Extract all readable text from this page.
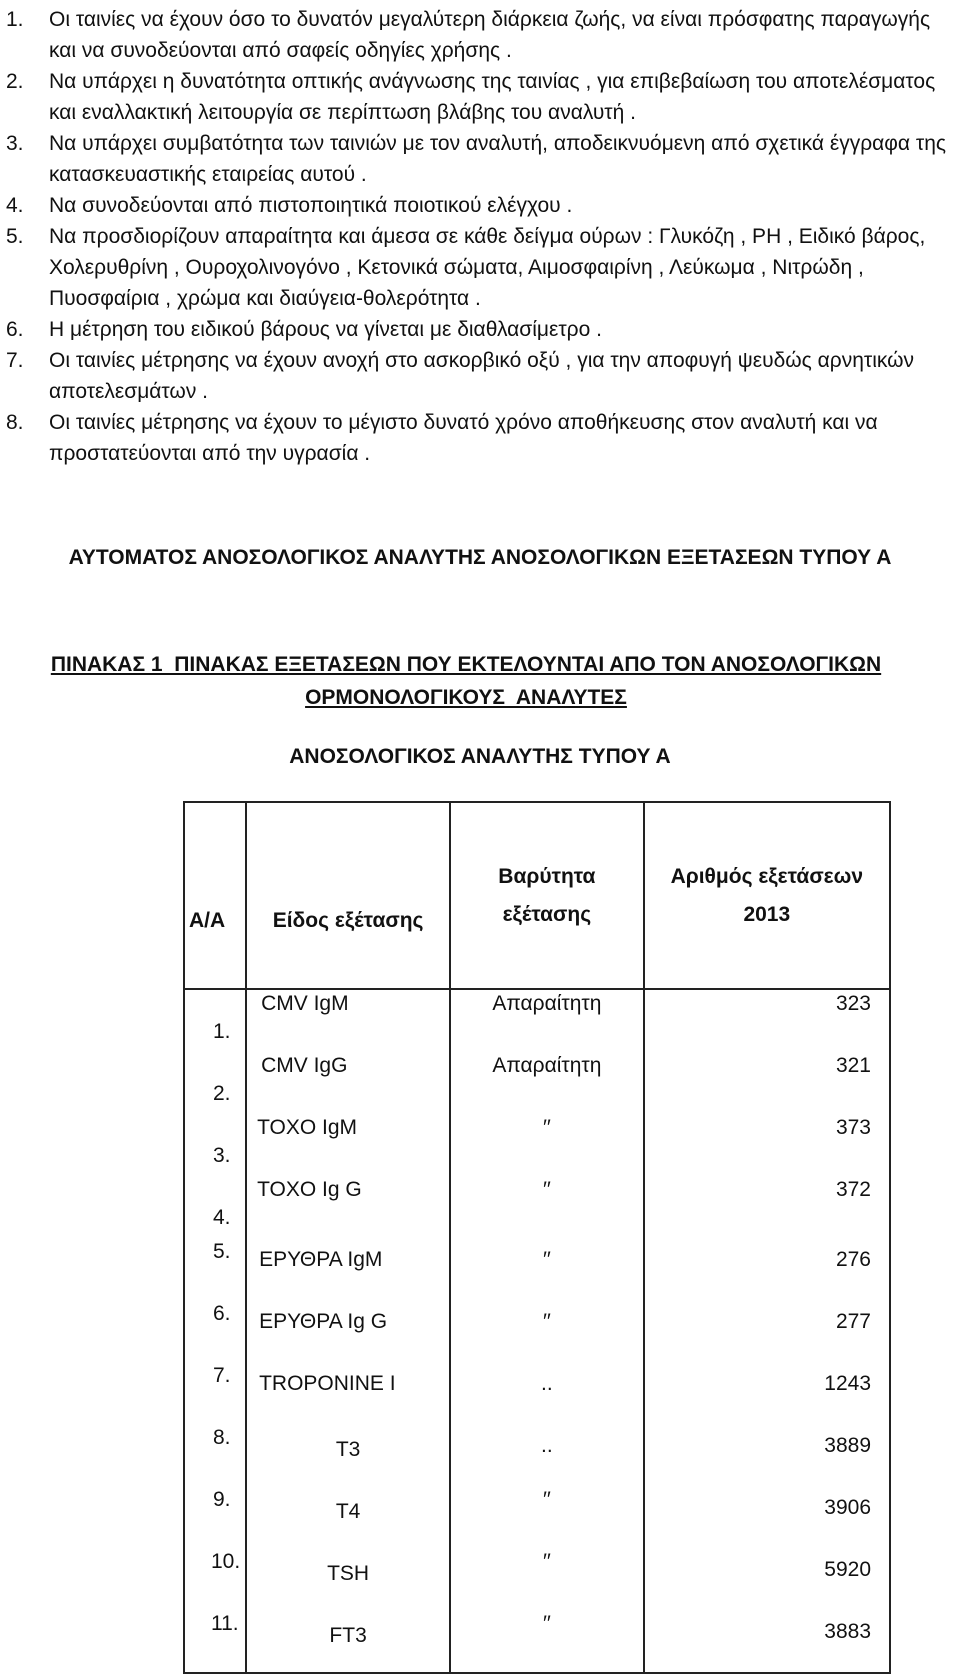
1. Οι ταινίες να έχουν όσο το δυνατόν μεγαλύτερη διάρκεια ζωής, να είναι πρόσφατης παραγωγής και να συνοδεύονται από σαφείς οδηγίες χρήσης .
2. Να υπάρχει η δυνατότητα οπτικής ανάγνωσης της ταινίας , για επιβεβαίωση του αποτελέσματος και εναλλακτική λειτουργία σε περίπτωση βλάβης του αναλυτή .
3. Να υπάρχει συμβατότητα των ταινιών με τον αναλυτή, αποδεικνυόμενη από σχετικά έγγραφα της κατασκευαστικής εταιρείας αυτού .
4. Να συνοδεύονται από πιστοποιητικά ποιοτικού ελέγχου .
5. Να προσδιορίζουν απαραίτητα και άμεσα σε κάθε δείγμα ούρων : Γλυκόζη , PH , Ειδικό βάρος, Χολερυθρίνη , Ουροχολινογόνο , Κετονικά σώματα, Αιμοσφαιρίνη , Λεύκωμα , Νιτρώδη , Πυοσφαίρια , χρώμα και διαύγεια-θολερότητα .
6. Η μέτρηση του ειδικού βάρους να γίνεται με διαθλασίμετρο .
7. Οι ταινίες μέτρησης να έχουν ανοχή στο ασκορβικό οξύ , για την αποφυγή ψευδώς αρνητικών αποτελεσμάτων .
8. Οι ταινίες μέτρησης να έχουν το μέγιστο δυνατό χρόνο αποθήκευσης στον αναλυτή και να προστατεύονται από την υγρασία .

ΑΥΤΟΜΑΤΟΣ ΑΝΟΣΟΛΟΓΙΚΟΣ ΑΝΑΛΥΤΗΣ ΑΝΟΣΟΛΟΓΙΚΩΝ ΕΞΕΤΑΣΕΩΝ ΤΥΠΟΥ Α

ΠΙΝΑΚΑΣ 1  ΠΙΝΑΚΑΣ ΕΞΕΤΑΣΕΩΝ ΠΟΥ ΕΚΤΕΛΟΥΝΤΑΙ ΑΠΟ ΤΟΝ ΑΝΟΣΟΛΟΓΙΚΩΝ
ΟΡΜΟΝΟΛΟΓΙΚΟΥΣ  ΑΝΑΛΥΤΕΣ

ΑΝΟΣΟΛΟΓΙΚΟΣ ΑΝΑΛΥΤΗΣ ΤΥΠΟΥ Α

Α/Α	Είδος εξέτασης	Βαρύτητα
εξέτασης	Αριθμός εξετάσεων
2013

1.	CMV IgM	Απαραίτητη	323

2.	CMV IgG	Απαραίτητη	321

3.	TOXO IgM	′′	373

4.	TOXO Ig G	′′	372

5.	ΕΡΥΘΡΑ IgM	′′	276

6.	ΕΡΥΘΡΑ Ig G	′′	277

7.	TROPONINE I	..	1243

8.	T3	..	3889

9.	T4	′′	3906

10.	TSH	′′	5920

11.	FT3	′′	3883
